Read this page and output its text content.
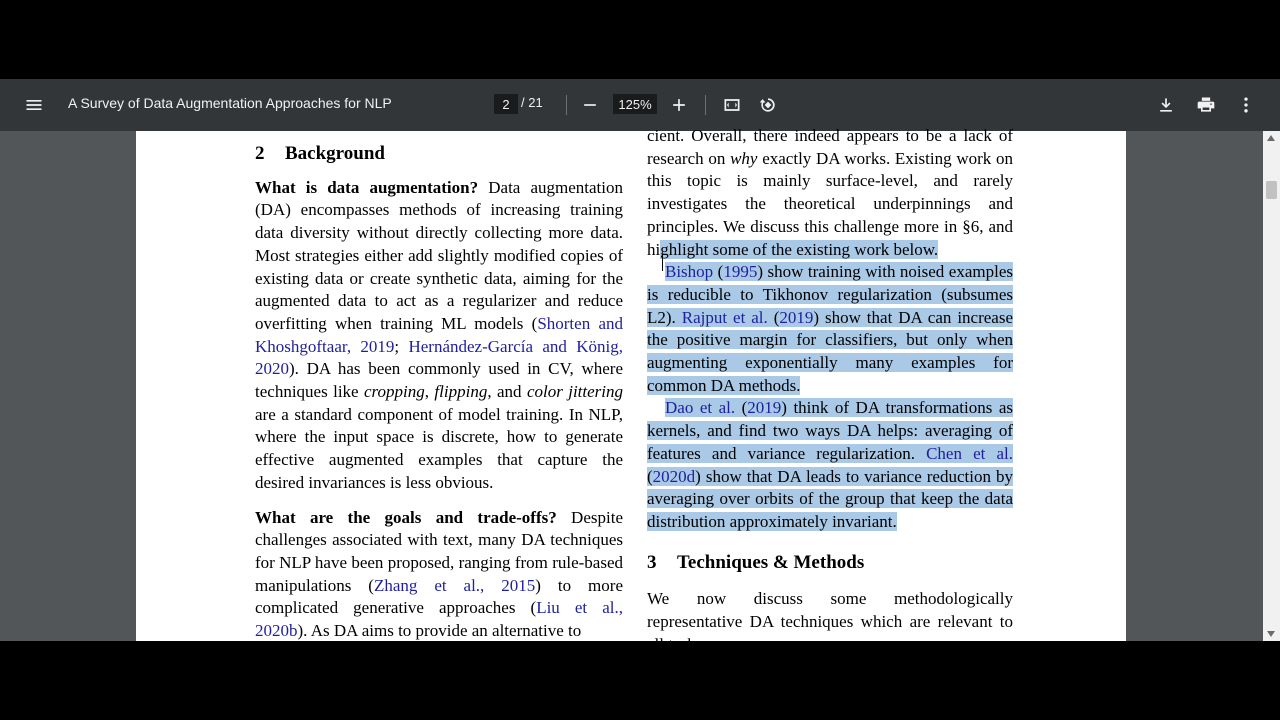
A Survey of Data Augmentation Approaches for NLP
2	/ 21
125%
2 Background

What is data augmentation? Data augmentation (DA) encompasses methods of increasing training data diversity without directly collecting more data. Most strategies either add slightly modified copies of existing data or create synthetic data, aiming for the augmented data to act as a regularizer and reduce overfitting when training ML models (Shorten and Khoshgoftaar, 2019; Hernández-García and König, 2020). DA has been commonly used in CV, where techniques like cropping, flipping, and color jittering are a standard component of model training. In NLP, where the input space is discrete, how to generate effective augmented examples that capture the desired invariances is less obvious.

What are the goals and trade-offs? Despite challenges associated with text, many DA techniques for NLP have been proposed, ranging from rule-based manipulations (Zhang et al., 2015) to more complicated generative approaches (Liu et al., 2020b). As DA aims to provide an alternative to

cient. Overall, there indeed appears to be a lack of research on why exactly DA works. Existing work on this topic is mainly surface-level, and rarely investigates the theoretical underpinnings and principles. We discuss this challenge more in §6, and highlight some of the existing work below.

Bishop (1995) show training with noised examples is reducible to Tikhonov regularization (subsumes L2). Rajput et al. (2019) show that DA can increase the positive margin for classifiers, but only when augmenting exponentially many examples for common DA methods.

Dao et al. (2019) think of DA transformations as kernels, and find two ways DA helps: averaging of features and variance regularization. Chen et al. (2020d) show that DA leads to variance reduction by averaging over orbits of the group that keep the data distribution approximately invariant.

3 Techniques & Methods

We now discuss some methodologically representative DA techniques which are relevant to all tasks
